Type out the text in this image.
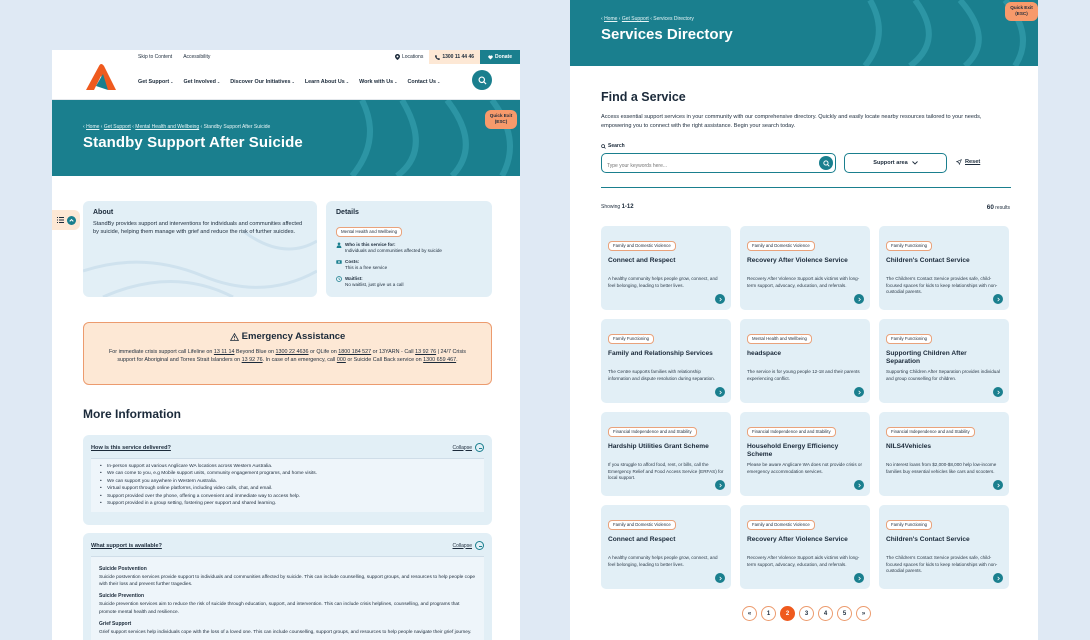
Skip to Content Accessibility	Locations	1300 11 44 46	Donate
Get Support⌄ Get Involved⌄ Discover Our Initiatives⌄ Learn About Us⌄ Work with Us⌄ Contact Us⌄
‹ Home ‹ Get Support ‹ Mental Health and Wellbeing ‹ Standby Support After Suicide
Standby Support After Suicide
Quick Exit
(ESC)
About

StandBy provides support and interventions for individuals and communities affected by suicide, helping them manage with grief and reduce the risk of further suicides.

Details
Mental Health and Wellbeing
Who is this service for:
Individuals and communities affected by suicide
Costs:
This is a free service
Waitlist:
No waitlist, just give us a call
Emergency Assistance

For immediate crisis support call Lifeline on 13 11 14 Beyond Blue on 1300 22 4636 or QLife on 1800 184 527 or 13YARN - Call 13 92 76 | 24/7 Crisis support for Aboriginal and Torres Strait Islanders on 13 92 76. In case of an emergency, call 000 or Suicide Call Back service on 1300 659 467.

More Information
How is this service delivered?	Collapse
• In-person support at various Anglicare WA locations across Western Australia.
• We can come to you, e.g Mobile support units, community engagement programs, and home visits.
• We can support you anywhere in Western Australia.
• Virtual support through online platforms, including video calls, chat, and email.
• Support provided over the phone, offering a convenient and immediate way to access help.
• Support provided in a group setting, fostering peer support and shared learning.
What support is available?	Collapse
Suicide Postvention

Suicide postvention services provide support to individuals and communities affected by suicide. This can include counselling, support groups, and resources to help people cope with their loss and prevent further tragedies.

Suicide Prevention

Suicide prevention services aim to reduce the risk of suicide through education, support, and intervention. This can include crisis helplines, counselling, and programs that promote mental health and resilience.

Grief Support

Grief support services help individuals cope with the loss of a loved one. This can include counselling, support groups, and resources to help people navigate their grief journey.

‹ Home ‹ Get Support ‹ Services Directory
Services Directory
Quick Exit
(ESC)
Find a Service

Access essential support services in your community with our comprehensive directory. Quickly and easily locate nearby resources tailored to your needs, empowering you to connect with the right assistance. Begin your search today.

Search
Type your keywords here...
Support area	Reset
Showing 1-12	60 results
Family and Domestic Violence
Connect and Respect

A healthy community helps people grow, connect, and feel belonging, leading to better lives.

Family and Domestic Violence
Recovery After Violence Service

Recovery After Violence Support aids victims with long-term support, advocacy, education, and referrals.

Family Functioning
Children's Contact Service

The Children's Contact Service provides safe, child-focused spaces for kids to keep relationships with non-custodial parents.

Family Functioning
Family and Relationship Services

The Centre supports families with relationship information and dispute resolution during separation.

Mental Health and Wellbeing
headspace

The service is for young people 12-18 and their parents experiencing conflict.

Family Functioning
Supporting Children After Separation

Supporting Children After Separation provides individual and group counselling for children.

Financial Independence and and Stability
Hardship Utilities Grant Scheme

If you struggle to afford food, rent, or bills, call the Emergency Relief and Food Access Service (ERFAS) for local support.

Financial Independence and and Stability
Household Energy Efficiency Scheme

Please be aware Anglicare WA does not provide crisis or emergency accommodation services.

Financial Independence and and Stability
NILS4Vehicles

No interest loans from $2,000-$8,000 help low-income families buy essential vehicles like cars and scooters.

Family and Domestic Violence
Connect and Respect

A healthy community helps people grow, connect, and feel belonging, leading to better lives.

Family and Domestic Violence
Recovery After Violence Service

Recovery After Violence Support aids victims with long-term support, advocacy, education, and referrals.

Family Functioning
Children's Contact Service

The Children's Contact Service provides safe, child-focused spaces for kids to keep relationships with non-custodial parents.

«	1	2	3	4	5	»
